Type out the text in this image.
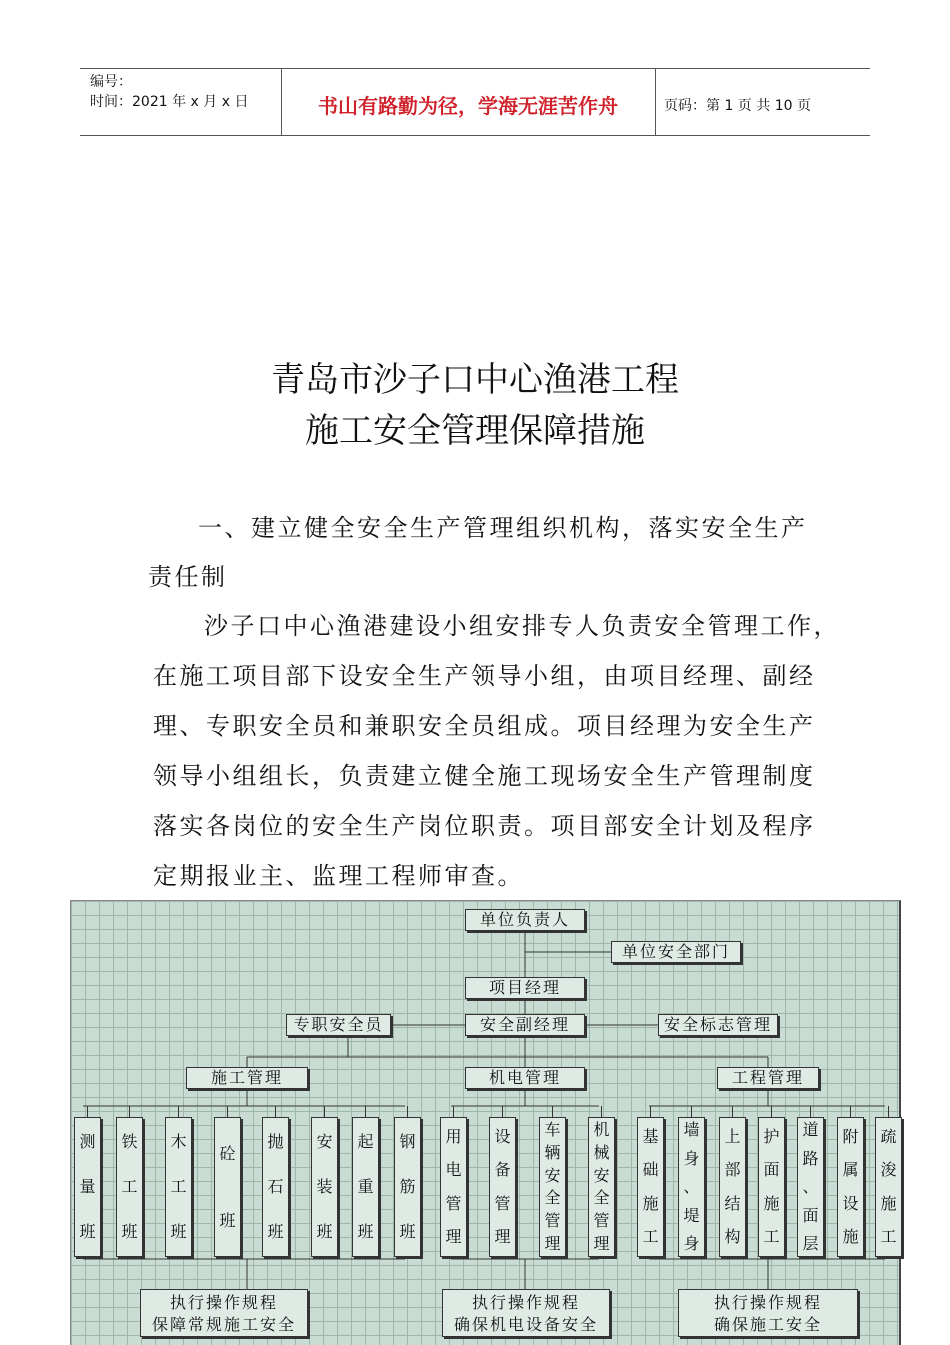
编号：
时间：2021 年 x 月 x 日	书山有路勤为径，学海无涯苦作舟	页码：第 1 页 共 10 页
青岛市沙子口中心渔港工程
施工安全管理保障措施
一、建立健全安全生产管理组织机构，落实安全生产
责任制
沙子口中心渔港建设小组安排专人负责安全管理工作，
在施工项目部下设安全生产领导小组，由项目经理、副经
理、专职安全员和兼职安全员组成。项目经理为安全生产
领导小组组长，负责建立健全施工现场安全生产管理制度
落实各岗位的安全生产岗位职责。项目部安全计划及程序
定期报业主、监理工程师审查。
单位负责人
单位安全部门
项目经理
专职安全员	安全副经理	安全标志管理
施工管理	机电管理	工程管理
测
量
班
铁
工
班
木
工
班
砼
班
抛
石
班
安
装
班
起
重
班
钢
筋
班
用
电
管
理
设
备
管
理
车
辆
安
全
管
理
机
械
安
全
管
理
基
础
施
工
墙
身
、
堤
身
上
部
结
构
护
面
施
工
道
路
、
面
层
附
属
设
施
疏
浚
施
工
执行操作规程
保障常规施工安全
执行操作规程
确保机电设备安全
执行操作规程
确保施工安全
